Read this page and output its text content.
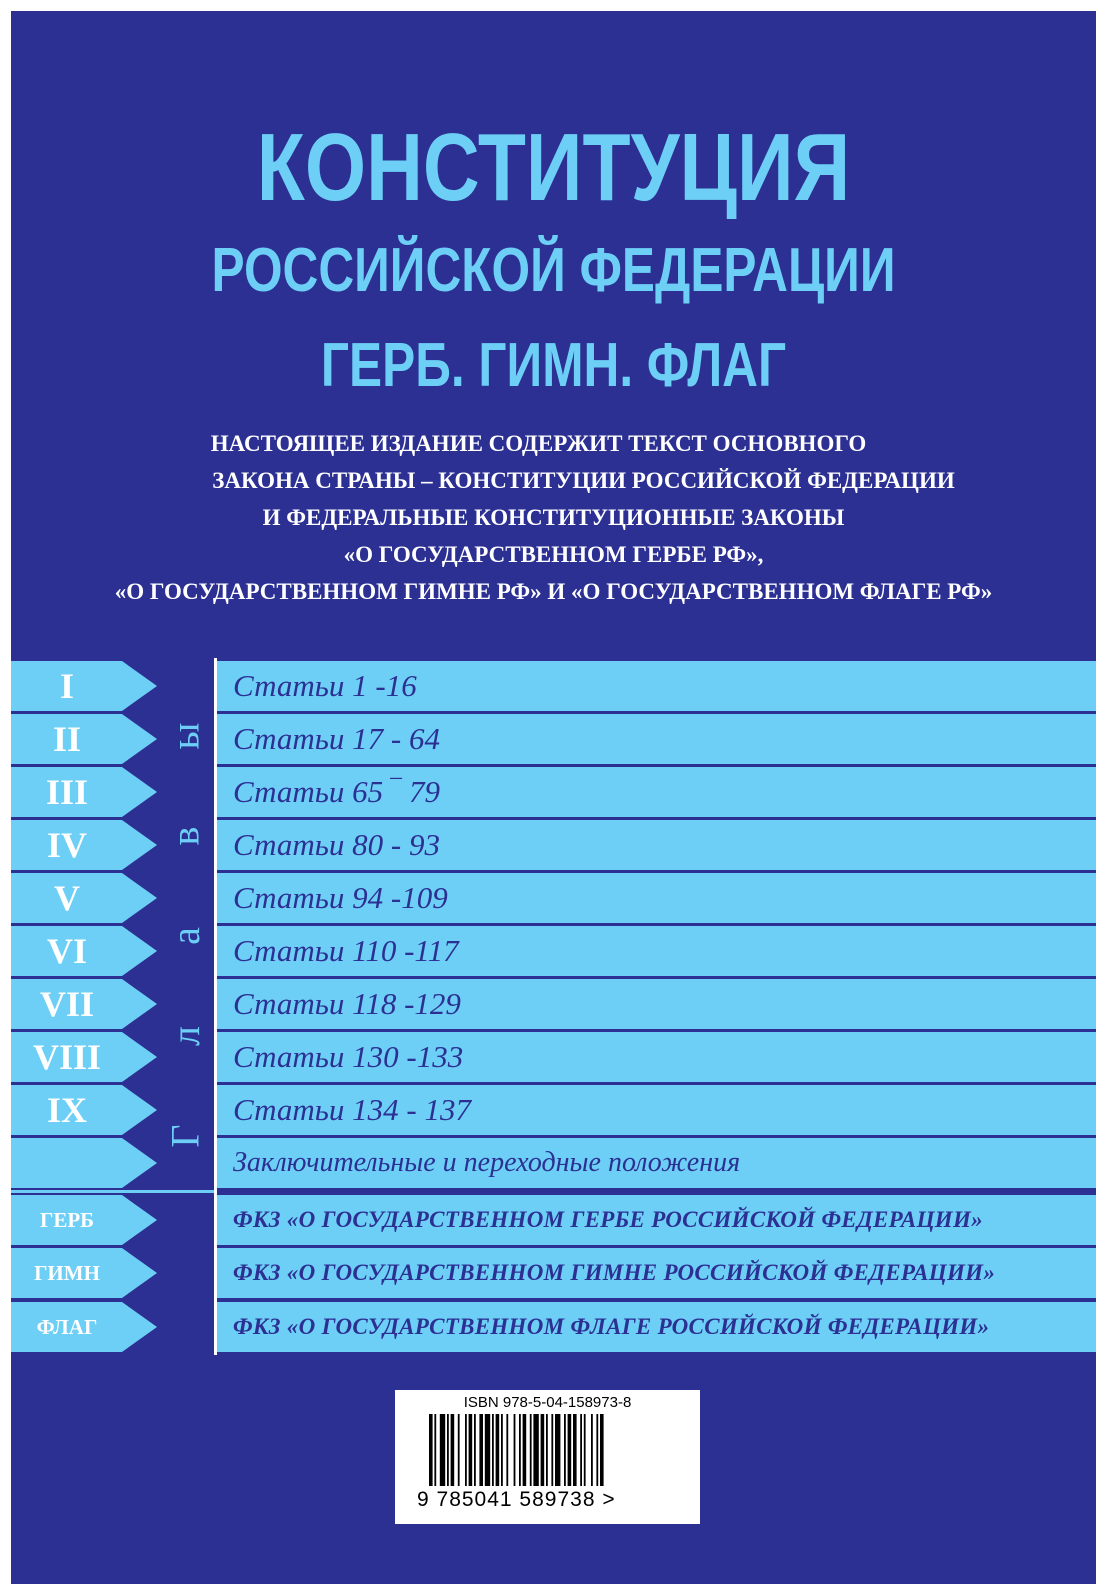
КОНСТИТУЦИЯ
РОССИЙСКОЙ ФЕДЕРАЦИИ
ГЕРБ. ГИМН. ФЛАГ
НАСТОЯЩЕЕ ИЗДАНИЕ СОДЕРЖИТ ТЕКСТ ОСНОВНОГО
ЗАКОНА СТРАНЫ – КОНСТИТУЦИИ РОССИЙСКОЙ ФЕДЕРАЦИИ
И ФЕДЕРАЛЬНЫЕ КОНСТИТУЦИОННЫЕ ЗАКОНЫ
«О ГОСУДАРСТВЕННОМ ГЕРБЕ РФ»,
«О ГОСУДАРСТВЕННОМ ГИМНЕ РФ» И «О ГОСУДАРСТВЕННОМ ФЛАГЕ РФ»
I
II
III
IV
V
VI
VII
VIII
IX
ГЕРБ
ГИМН
ФЛАГ
ы
в
а
л
Г
Статьи 1 -16
Статьи 17 - 64
Статьи 65 ‾ 79
Статьи 80 - 93
Статьи 94 -109
Статьи 110 -117
Статьи 118 -129
Статьи 130 -133
Статьи 134 - 137
Заключительные и переходные положения
ФКЗ «О ГОСУДАРСТВЕННОМ ГЕРБЕ РОССИЙСКОЙ ФЕДЕРАЦИИ»
ФКЗ «О ГОСУДАРСТВЕННОМ ГИМНЕ РОССИЙСКОЙ ФЕДЕРАЦИИ»
ФКЗ «О ГОСУДАРСТВЕННОМ ФЛАГЕ РОССИЙСКОЙ ФЕДЕРАЦИИ»
ISBN 978-5-04-158973-8
9 785041 589738 >
